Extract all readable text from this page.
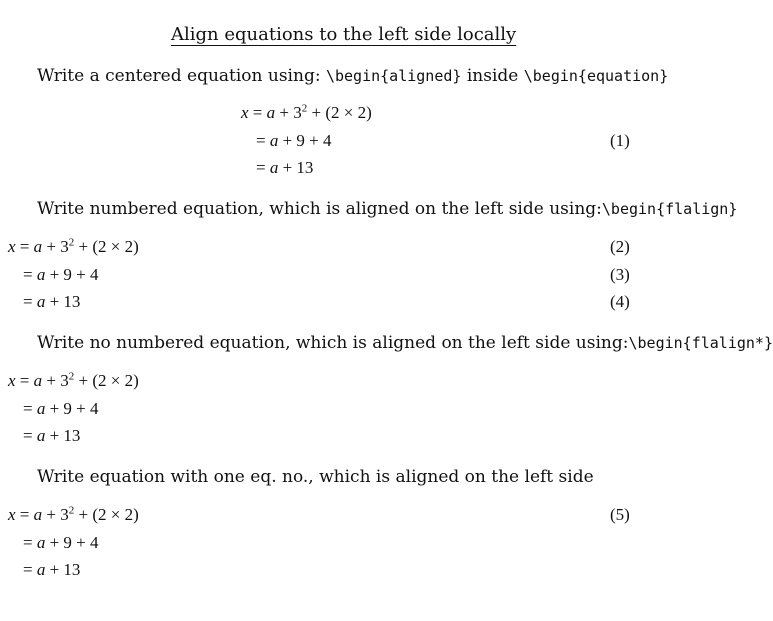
Align equations to the left side locally
Write a centered equation using: \begin{aligned} inside \begin{equation}
$x = a + 3^2 + (2 \times 2)$
= a + 9 + 4	(1)
= a + 13
Write numbered equation, which is aligned on the left side using:\begin{flalign}
$x = a + 3^2 + (2 \times 2)$	(2)
= a + 9 + 4	(3)
= a + 13	(4)
Write no numbered equation, which is aligned on the left side using:\begin{flalign*}
$x = a + 3^2 + (2 \times 2)$
= a + 9 + 4
= a + 13
Write equation with one eq. no., which is aligned on the left side
$x = a + 3^2 + (2 \times 2)$	(5)
= a + 9 + 4
= a + 13
